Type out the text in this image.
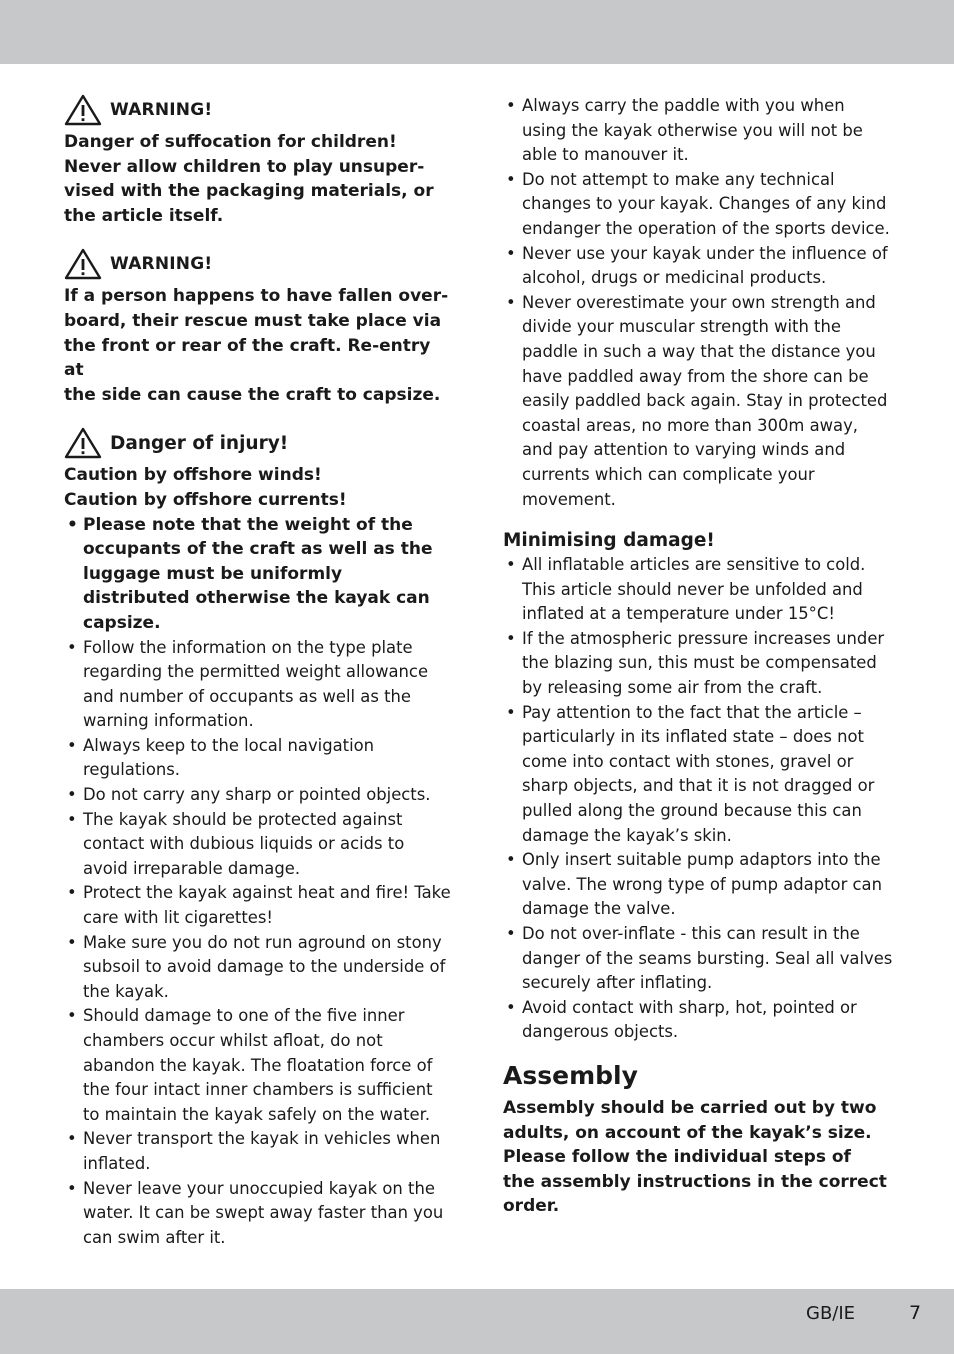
WARNING!

Danger of suffocation for children!
Never allow children to play unsuper-
vised with the packaging materials, or
the article itself.

WARNING!

If a person happens to have fallen over-
board, their rescue must take place via
the front or rear of the craft. Re-entry at
the side can cause the craft to capsize.

Danger of injury!

Caution by offshore winds!
Caution by offshore currents!

• Please note that the weight of the occupants of the craft as well as the luggage must be uniformly distributed otherwise the kayak can capsize.
• Follow the information on the type plate regarding the permitted weight allowance and number of occupants as well as the warning information.
• Always keep to the local navigation regulations.
• Do not carry any sharp or pointed objects.
• The kayak should be protected against contact with dubious liquids or acids to avoid irreparable damage.
• Protect the kayak against heat and fire! Take care with lit cigarettes!
• Make sure you do not run aground on stony subsoil to avoid damage to the underside of the kayak.
• Should damage to one of the five inner chambers occur whilst afloat, do not abandon the kayak. The floatation force of the four intact inner chambers is sufficient to maintain the kayak safely on the water.
• Never transport the kayak in vehicles when inflated.
• Never leave your unoccupied kayak on the water. It can be swept away faster than you can swim after it.
• Always carry the paddle with you when using the kayak otherwise you will not be able to manouver it.
• Do not attempt to make any technical changes to your kayak. Changes of any kind endanger the operation of the sports device.
• Never use your kayak under the influence of alcohol, drugs or medicinal products.
• Never overestimate your own strength and divide your muscular strength with the paddle in such a way that the distance you have paddled away from the shore can be easily paddled back again. Stay in protected coastal areas, no more than 300m away, and pay attention to varying winds and currents which can complicate your movement.
Minimising damage!
• All inflatable articles are sensitive to cold. This article should never be unfolded and inflated at a temperature under 15°C!
• If the atmospheric pressure increases under the blazing sun, this must be compensated by releasing some air from the craft.
• Pay attention to the fact that the article – particularly in its inflated state – does not come into contact with stones, gravel or sharp objects, and that it is not dragged or pulled along the ground because this can damage the kayak’s skin.
• Only insert suitable pump adaptors into the valve. The wrong type of pump adaptor can damage the valve.
• Do not over-inflate - this can result in the danger of the seams bursting. Seal all valves securely after inflating.
• Avoid contact with sharp, hot, pointed or dangerous objects.
Assembly

Assembly should be carried out by two
adults, on account of the kayak’s size.
Please follow the individual steps of
the assembly instructions in the correct
order.

GB/IE	7
